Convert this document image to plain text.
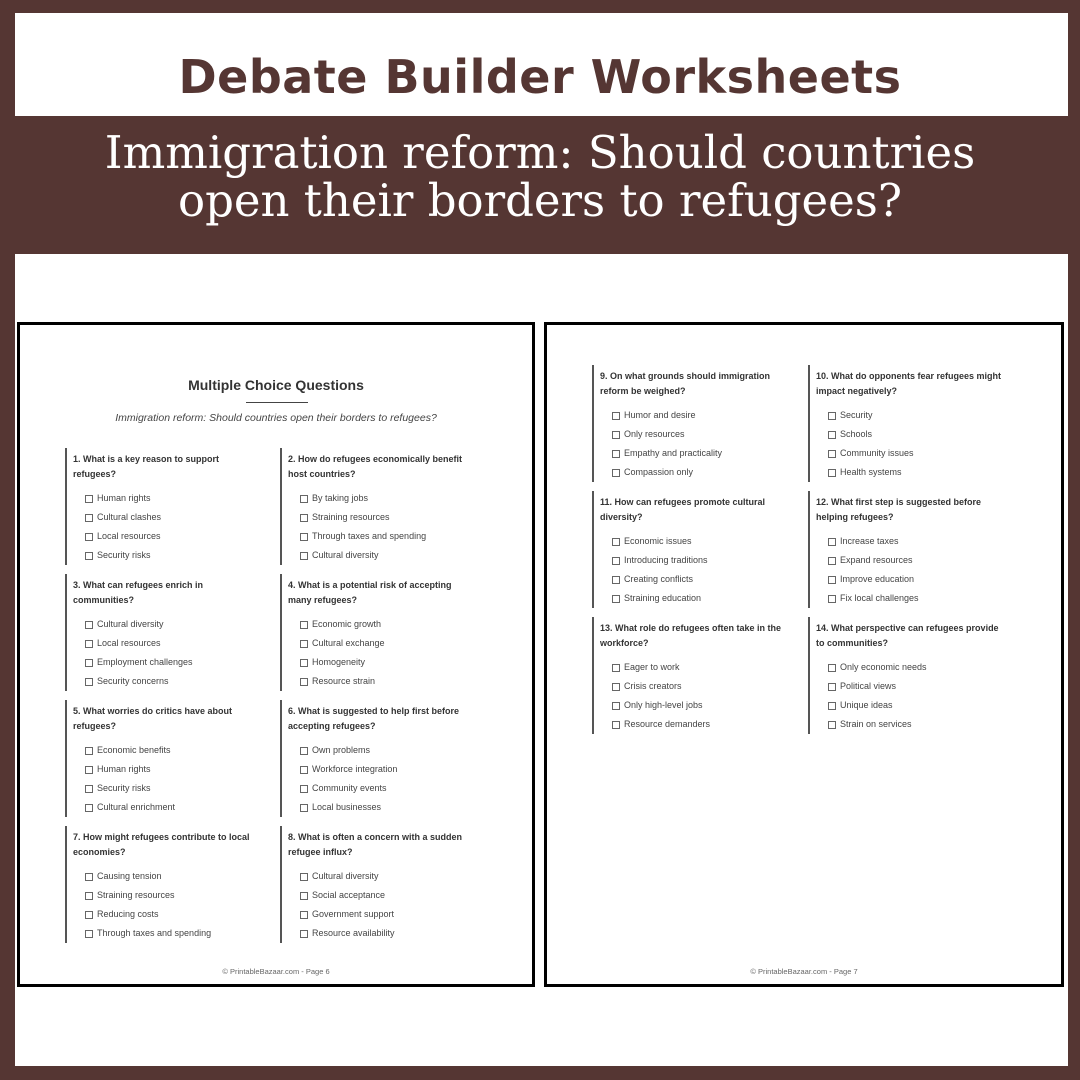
Debate Builder Worksheets
Immigration reform: Should countries
open their borders to refugees?
Multiple Choice Questions
Immigration reform: Should countries open their borders to refugees?
1. What is a key reason to support refugees?
Human rights
Cultural clashes
Local resources
Security risks
2. How do refugees economically benefit host countries?
By taking jobs
Straining resources
Through taxes and spending
Cultural diversity
3. What can refugees enrich in communities?
Cultural diversity
Local resources
Employment challenges
Security concerns
4. What is a potential risk of accepting many refugees?
Economic growth
Cultural exchange
Homogeneity
Resource strain
5. What worries do critics have about refugees?
Economic benefits
Human rights
Security risks
Cultural enrichment
6. What is suggested to help first before accepting refugees?
Own problems
Workforce integration
Community events
Local businesses
7. How might refugees contribute to local economies?
Causing tension
Straining resources
Reducing costs
Through taxes and spending
8. What is often a concern with a sudden refugee influx?
Cultural diversity
Social acceptance
Government support
Resource availability
© PrintableBazaar.com - Page 6
9. On what grounds should immigration reform be weighed?
Humor and desire
Only resources
Empathy and practicality
Compassion only
10. What do opponents fear refugees might impact negatively?
Security
Schools
Community issues
Health systems
11. How can refugees promote cultural diversity?
Economic issues
Introducing traditions
Creating conflicts
Straining education
12. What first step is suggested before helping refugees?
Increase taxes
Expand resources
Improve education
Fix local challenges
13. What role do refugees often take in the workforce?
Eager to work
Crisis creators
Only high-level jobs
Resource demanders
14. What perspective can refugees provide to communities?
Only economic needs
Political views
Unique ideas
Strain on services
© PrintableBazaar.com - Page 7
